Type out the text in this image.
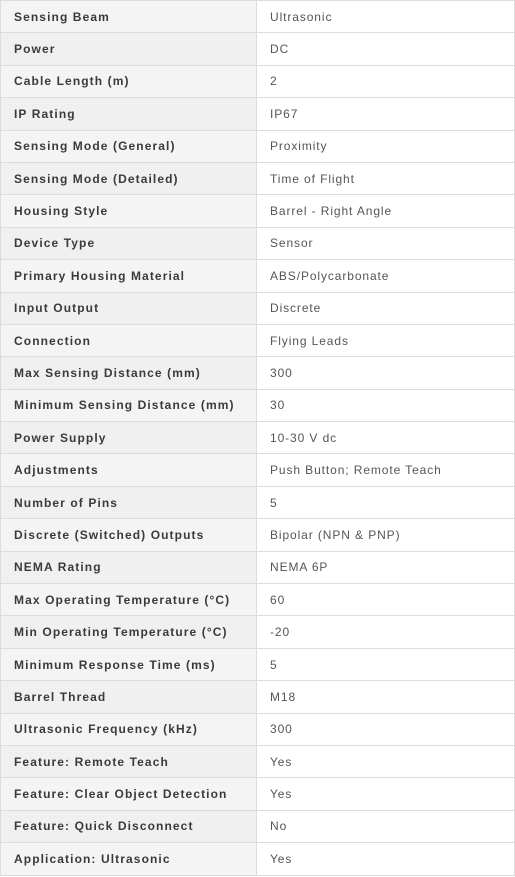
Sensing Beam	Ultrasonic
Power	DC
Cable Length (m)	2
IP Rating	IP67
Sensing Mode (General)	Proximity
Sensing Mode (Detailed)	Time of Flight
Housing Style	Barrel - Right Angle
Device Type	Sensor
Primary Housing Material	ABS/Polycarbonate
Input Output	Discrete
Connection	Flying Leads
Max Sensing Distance (mm)	300
Minimum Sensing Distance (mm)	30
Power Supply	10-30 V dc
Adjustments	Push Button; Remote Teach
Number of Pins	5
Discrete (Switched) Outputs	Bipolar (NPN & PNP)
NEMA Rating	NEMA 6P
Max Operating Temperature (°C)	60
Min Operating Temperature (°C)	-20
Minimum Response Time (ms)	5
Barrel Thread	M18
Ultrasonic Frequency (kHz)	300
Feature: Remote Teach	Yes
Feature: Clear Object Detection	Yes
Feature: Quick Disconnect	No
Application: Ultrasonic	Yes
